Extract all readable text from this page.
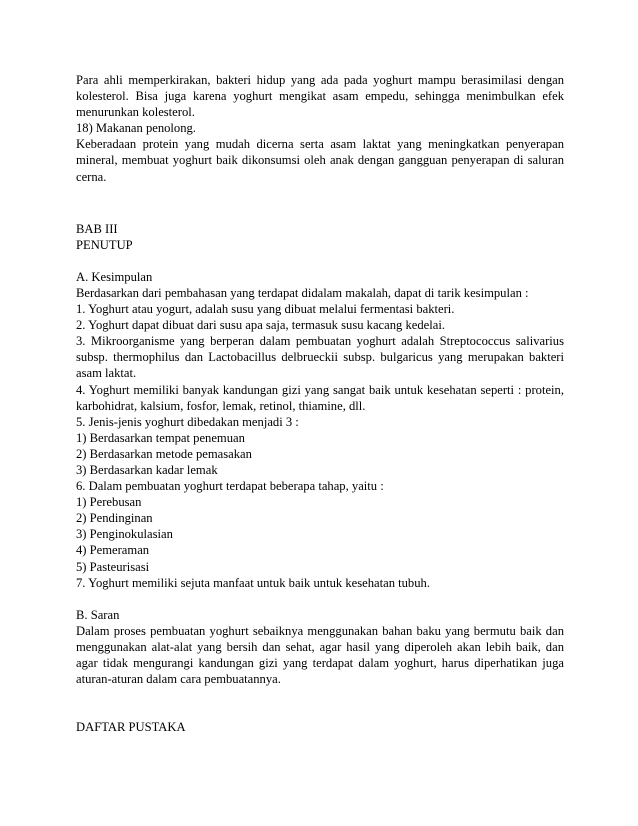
Para ahli memperkirakan, bakteri hidup yang ada pada yoghurt mampu berasimilasi dengan kolesterol. Bisa juga karena yoghurt mengikat asam empedu, sehingga menimbulkan efek menurunkan kolesterol.

18) Makanan penolong.

Keberadaan protein yang mudah dicerna serta asam laktat yang meningkatkan penyerapan mineral, membuat yoghurt baik dikonsumsi oleh anak dengan gangguan penyerapan di saluran cerna.

BAB III

PENUTUP

A. Kesimpulan

Berdasarkan dari pembahasan yang terdapat didalam makalah, dapat di tarik kesimpulan :

1. Yoghurt atau yogurt, adalah susu yang dibuat melalui fermentasi bakteri.

2. Yoghurt dapat dibuat dari susu apa saja, termasuk susu kacang kedelai.

3. Mikroorganisme yang berperan dalam pembuatan yoghurt adalah Streptococcus salivarius subsp. thermophilus dan Lactobacillus delbrueckii subsp. bulgaricus yang merupakan bakteri asam laktat.

4. Yoghurt memiliki banyak kandungan gizi yang sangat baik untuk kesehatan seperti : protein, karbohidrat, kalsium, fosfor, lemak, retinol, thiamine, dll.

5. Jenis-jenis yoghurt dibedakan menjadi 3 :

1) Berdasarkan tempat penemuan

2) Berdasarkan metode pemasakan

3) Berdasarkan kadar lemak

6. Dalam pembuatan yoghurt terdapat beberapa tahap, yaitu :

1) Perebusan

2) Pendinginan

3) Penginokulasian

4) Pemeraman

5) Pasteurisasi

7. Yoghurt memiliki sejuta manfaat untuk baik untuk kesehatan tubuh.

B. Saran

Dalam proses pembuatan yoghurt sebaiknya menggunakan bahan baku yang bermutu baik dan menggunakan alat-alat yang bersih dan sehat, agar hasil yang diperoleh akan lebih baik, dan agar tidak mengurangi kandungan gizi yang terdapat dalam yoghurt, harus diperhatikan juga aturan-aturan dalam cara pembuatannya.

DAFTAR PUSTAKA
